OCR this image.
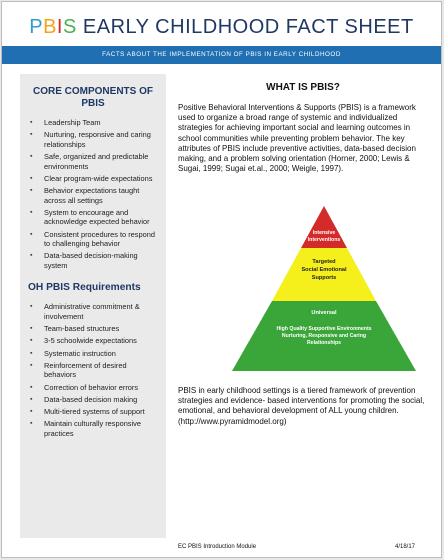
PBIS EARLY CHILDHOOD FACT SHEET
FACTS ABOUT THE IMPLEMENTATION OF PBIS IN EARLY CHILDHOOD
CORE COMPONENTS OF PBIS
▪ Leadership Team
▪ Nurturing, responsive and caring relationships
▪ Safe, organized and predictable environments
▪ Clear program-wide expectations
▪ Behavior expectations taught across all settings
▪ System to encourage and acknowledge expected behavior
▪ Consistent procedures to respond to challenging behavior
▪ Data-based decision-making system
OH PBIS Requirements
▪ Administrative commitment & involvement
▪ Team-based structures
▪ 3-5 schoolwide expectations
▪ Systematic instruction
▪ Reinforcement of desired behaviors
▪ Correction of behavior errors
▪ Data-based decision making
▪ Multi-tiered systems of support
▪ Maintain culturally responsive practices
WHAT IS PBIS?

Positive Behavioral Interventions & Supports (PBIS) is a framework used to organize a broad range of systemic and individualized strategies for achieving important social and learning outcomes in school communities while preventing problem behavior. The key attributes of PBIS include preventive activities, data-based decision making, and a problem solving orientation (Horner, 2000; Lewis & Sugai, 1999; Sugai et.al., 2000; Weigle, 1997).

Intensive
Interventions
Targeted
Social Emotional
Supports
Universal
High Quality Supportive Environments
Nurturing, Responsive and Caring
Relationships

PBIS in early childhood settings is a tiered framework of prevention strategies and evidence- based interventions for promoting the social, emotional, and behavioral development of ALL young children. (http://www.pyramidmodel.org)

EC PBIS Introduction Module	4/18/17
